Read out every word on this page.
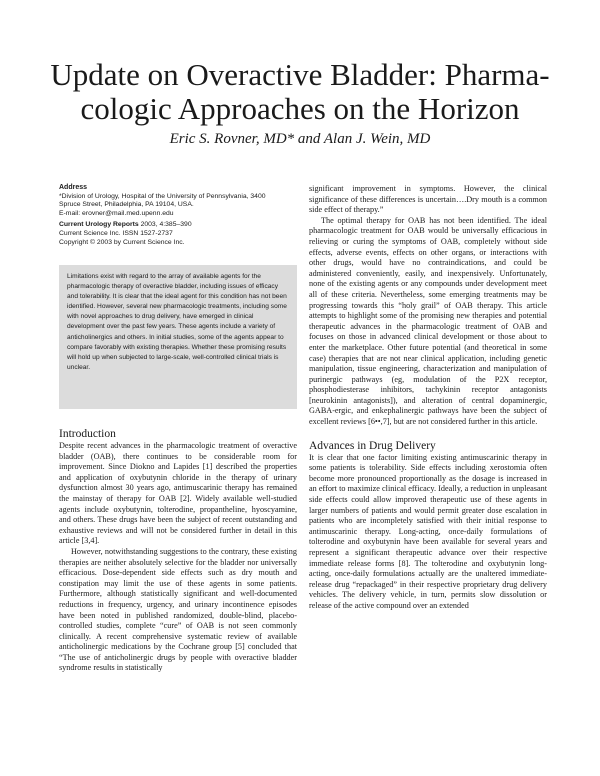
Update on Overactive Bladder: Pharma-cologic Approaches on the Horizon
Eric S. Rovner, MD* and Alan J. Wein, MD
Address
*Division of Urology, Hospital of the University of Pennsylvania, 3400
Spruce Street, Philadelphia, PA 19104, USA.
E-mail: erovner@mail.med.upenn.edu
Current Urology Reports 2003, 4:385–390
Current Science Inc. ISSN 1527-2737
Copyright © 2003 by Current Science Inc.
Limitations exist with regard to the array of available agents for the pharmacologic therapy of overactive bladder, including issues of efficacy and tolerability. It is clear that the ideal agent for this condition has not been identified. However, several new pharmacologic treatments, including some with novel approaches to drug delivery, have emerged in clinical development over the past few years. These agents include a variety of anticholinergics and others. In initial studies, some of the agents appear to compare favorably with existing therapies. Whether these promising results will hold up when subjected to large-scale, well-controlled clinical trials is unclear.
Introduction

Despite recent advances in the pharmacologic treatment of overactive bladder (OAB), there continues to be considerable room for improvement. Since Diokno and Lapides [1] described the properties and application of oxybutynin chloride in the therapy of urinary dysfunction almost 30 years ago, antimuscarinic therapy has remained the mainstay of therapy for OAB [2]. Widely available well-studied agents include oxybutynin, tolterodine, propantheline, hyoscyamine, and others. These drugs have been the subject of recent outstanding and exhaustive reviews and will not be considered further in detail in this article [3,4].

However, notwithstanding suggestions to the contrary, these existing therapies are neither absolutely selective for the bladder nor universally efficacious. Dose-dependent side effects such as dry mouth and constipation may limit the use of these agents in some patients. Furthermore, although statistically significant and well-documented reductions in frequency, urgency, and urinary incontinence episodes have been noted in published randomized, double-blind, placebo-controlled studies, complete “cure” of OAB is not seen commonly clinically. A recent comprehensive systematic review of available anticholinergic medications by the Cochrane group [5] concluded that “The use of anticholinergic drugs by people with overactive bladder syndrome results in statistically

significant improvement in symptoms. However, the clinical significance of these differences is uncertain….Dry mouth is a common side effect of therapy.”

The optimal therapy for OAB has not been identified. The ideal pharmacologic treatment for OAB would be universally efficacious in relieving or curing the symptoms of OAB, completely without side effects, adverse events, effects on other organs, or interactions with other drugs, would have no contraindications, and could be administered conveniently, easily, and inexpensively. Unfortunately, none of the existing agents or any compounds under development meet all of these criteria. Nevertheless, some emerging treatments may be progressing towards this “holy grail” of OAB therapy. This article attempts to highlight some of the promising new therapies and potential therapeutic advances in the pharmacologic treatment of OAB and focuses on those in advanced clinical development or those about to enter the marketplace. Other future potential (and theoretical in some case) therapies that are not near clinical application, including genetic manipulation, tissue engineering, characterization and manipulation of purinergic pathways (eg, modulation of the P2X receptor, phosphodiesterase inhibitors, tachykinin receptor antagonists [neurokinin antagonists]), and alteration of central dopaminergic, GABA-ergic, and enkephalinergic pathways have been the subject of excellent reviews [6••,7], but are not considered further in this article.

Advances in Drug Delivery

It is clear that one factor limiting existing antimuscarinic therapy in some patients is tolerability. Side effects including xerostomia often become more pronounced proportionally as the dosage is increased in an effort to maximize clinical efficacy. Ideally, a reduction in unpleasant side effects could allow improved therapeutic use of these agents in larger numbers of patients and would permit greater dose escalation in patients who are incompletely satisfied with their initial response to antimuscarinic therapy. Long-acting, once-daily formulations of tolterodine and oxybutynin have been available for several years and represent a significant therapeutic advance over their respective immediate release forms [8]. The tolterodine and oxybutynin long-acting, once-daily formulations actually are the unaltered immediate-release drug “repackaged” in their respective proprietary drug delivery vehicles. The delivery vehicle, in turn, permits slow dissolution or release of the active compound over an extended
